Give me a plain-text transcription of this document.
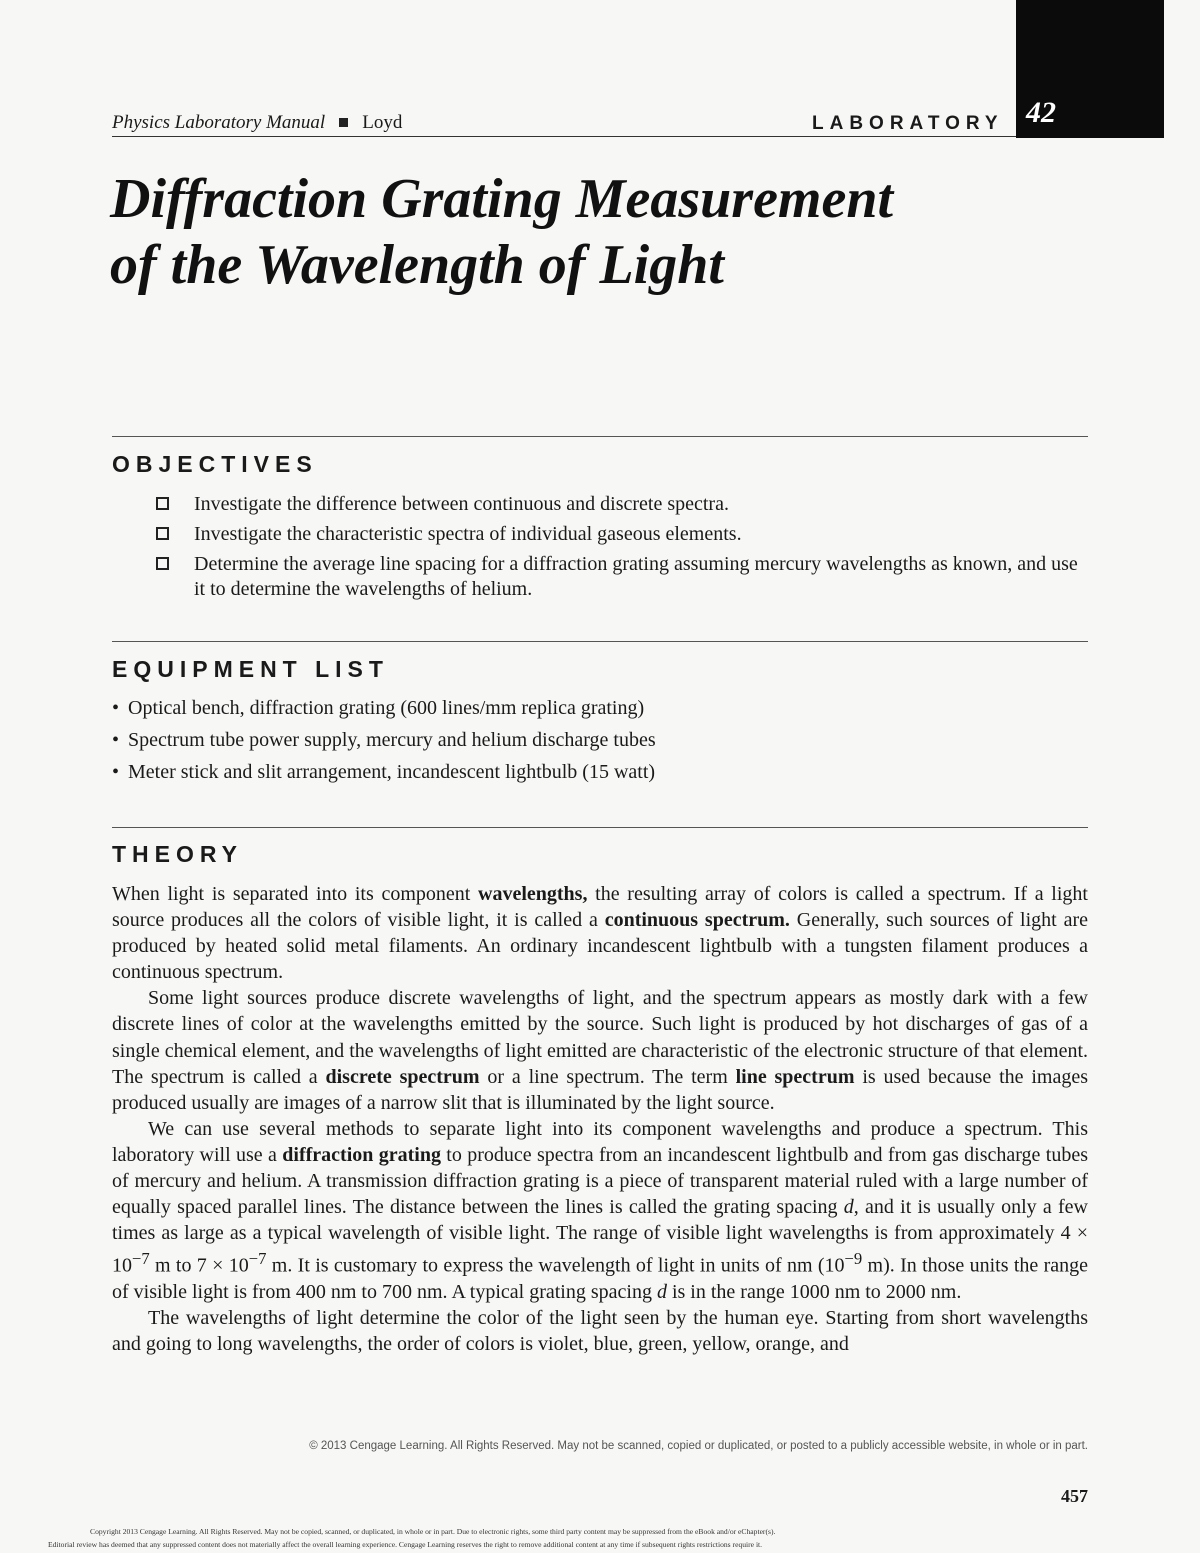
Physics Laboratory Manual Loyd	LABORATORY 42
Diffraction Grating Measurement
of the Wavelength of Light
OBJECTIVES
Investigate the difference between continuous and discrete spectra.
Investigate the characteristic spectra of individual gaseous elements.
Determine the average line spacing for a diffraction grating assuming mercury wavelengths as known, and use it to determine the wavelengths of helium.
EQUIPMENT LIST
• Optical bench, diffraction grating (600 lines/mm replica grating)
• Spectrum tube power supply, mercury and helium discharge tubes
• Meter stick and slit arrangement, incandescent lightbulb (15 watt)
THEORY

When light is separated into its component wavelengths, the resulting array of colors is called a spectrum. If a light source produces all the colors of visible light, it is called a continuous spectrum. Generally, such sources of light are produced by heated solid metal filaments. An ordinary incandescent lightbulb with a tungsten filament produces a continuous spectrum.

Some light sources produce discrete wavelengths of light, and the spectrum appears as mostly dark with a few discrete lines of color at the wavelengths emitted by the source. Such light is produced by hot discharges of gas of a single chemical element, and the wavelengths of light emitted are characteristic of the electronic structure of that element. The spectrum is called a discrete spectrum or a line spectrum. The term line spectrum is used because the images produced usually are images of a narrow slit that is illuminated by the light source.

We can use several methods to separate light into its component wavelengths and produce a spectrum. This laboratory will use a diffraction grating to produce spectra from an incandescent lightbulb and from gas discharge tubes of mercury and helium. A transmission diffraction grating is a piece of transparent material ruled with a large number of equally spaced parallel lines. The distance between the lines is called the grating spacing d, and it is usually only a few times as large as a typical wavelength of visible light. The range of visible light wavelengths is from approximately $4 \times 10^{-7}$ m to $7 \times 10^{-7}$ m. It is customary to express the wavelength of light in units of nm ($10^{-9}$ m). In those units the range of visible light is from 400 nm to 700 nm. A typical grating spacing d is in the range 1000 nm to 2000 nm.

The wavelengths of light determine the color of the light seen by the human eye. Starting from short wavelengths and going to long wavelengths, the order of colors is violet, blue, green, yellow, orange, and

© 2013 Cengage Learning. All Rights Reserved. May not be scanned, copied or duplicated, or posted to a publicly accessible website, in whole or in part.
457
Copyright 2013 Cengage Learning. All Rights Reserved. May not be copied, scanned, or duplicated, in whole or in part. Due to electronic rights, some third party content may be suppressed from the eBook and/or eChapter(s).
Editorial review has deemed that any suppressed content does not materially affect the overall learning experience. Cengage Learning reserves the right to remove additional content at any time if subsequent rights restrictions require it.
